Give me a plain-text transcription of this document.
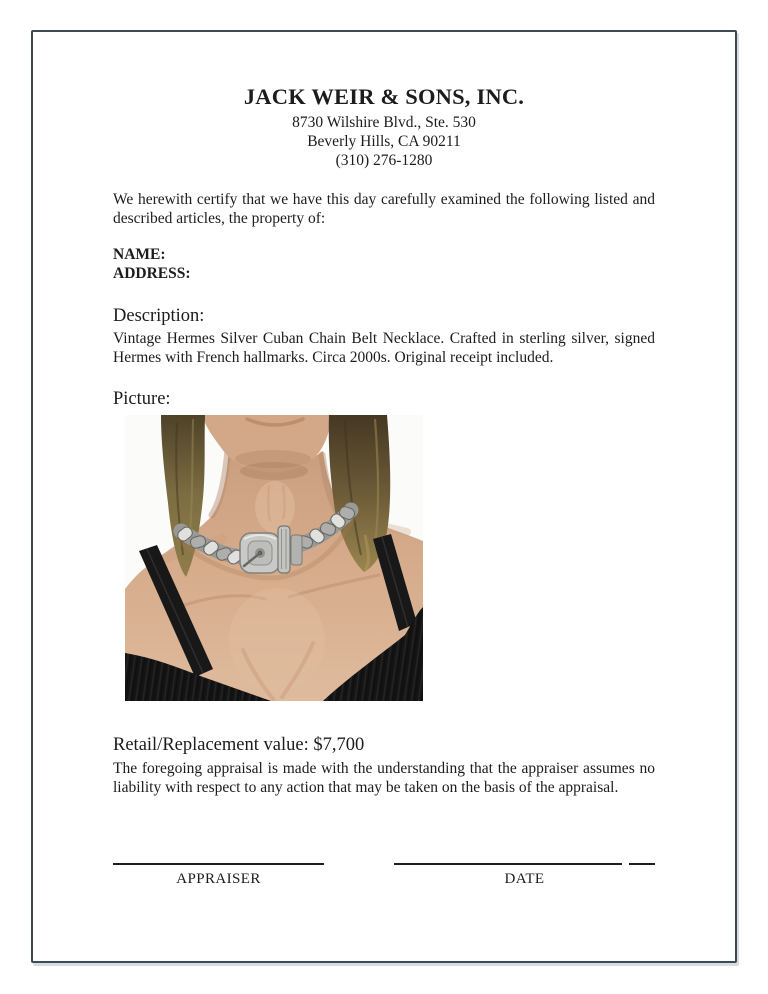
JACK WEIR & SONS, INC.
8730 Wilshire Blvd., Ste. 530
Beverly Hills, CA 90211
(310) 276-1280

We herewith certify that we have this day carefully examined the following listed and described articles, the property of:

NAME:
ADDRESS:
Description:

Vintage Hermes Silver Cuban Chain Belt Necklace. Crafted in sterling silver, signed Hermes with French hallmarks. Circa 2000s. Original receipt included.

Picture:
Retail/Replacement value: $7,700

The foregoing appraisal is made with the understanding that the appraiser assumes no liability with respect to any action that may be taken on the basis of the appraisal.

APPRAISER	DATE
